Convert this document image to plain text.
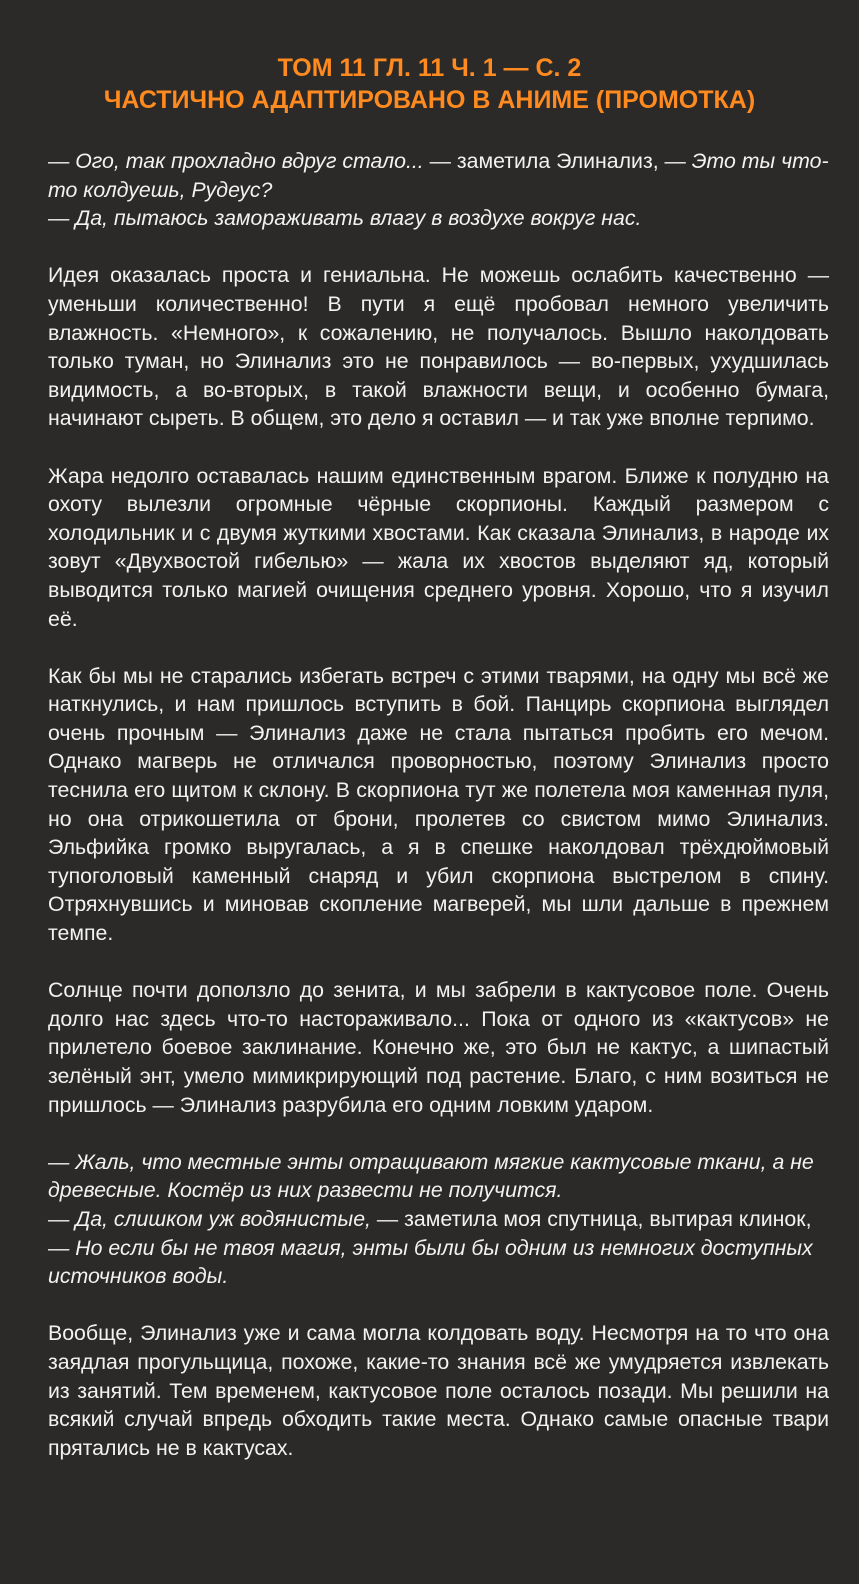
ТОМ 11 ГЛ. 11 Ч. 1 — С. 2

ЧАСТИЧНО АДАПТИРОВАНО В АНИМЕ (ПРОМОТКА)

— Ого, так прохладно вдруг стало... — заметила Элинализ, — Это ты что-то колдуешь, Рудеус?
— Да, пытаюсь замораживать влагу в воздухе вокруг нас.

Идея оказалась проста и гениальна. Не можешь ослабить качественно — уменьши количественно! В пути я ещё пробовал немного увеличить влажность. «Немного», к сожалению, не получалось. Вышло наколдовать только туман, но Элинализ это не понравилось — во-первых, ухудшилась видимость, а во-вторых, в такой влажности вещи, и особенно бумага, начинают сыреть. В общем, это дело я оставил — и так уже вполне терпимо.

Жара недолго оставалась нашим единственным врагом. Ближе к полудню на охоту вылезли огромные чёрные скорпионы. Каждый размером с холодильник и с двумя жуткими хвостами. Как сказала Элинализ, в народе их зовут «Двухвостой гибелью» — жала их хвостов выделяют яд, который выводится только магией очищения среднего уровня. Хорошо, что я изучил её.

Как бы мы не старались избегать встреч с этими тварями, на одну мы всё же наткнулись, и нам пришлось вступить в бой. Панцирь скорпиона выглядел очень прочным — Элинализ даже не стала пытаться пробить его мечом. Однако магверь не отличался проворностью, поэтому Элинализ просто теснила его щитом к склону. В скорпиона тут же полетела моя каменная пуля, но она отрикошетила от брони, пролетев со свистом мимо Элинализ. Эльфийка громко выругалась, а я в спешке наколдовал трёхдюймовый тупоголовый каменный снаряд и убил скорпиона выстрелом в спину. Отряхнувшись и миновав скопление магверей, мы шли дальше в прежнем темпе.

Солнце почти доползло до зенита, и мы забрели в кактусовое поле. Очень долго нас здесь что-то настораживало... Пока от одного из «кактусов» не прилетело боевое заклинание. Конечно же, это был не кактус, а шипастый зелёный энт, умело мимикрирующий под растение. Благо, с ним возиться не пришлось — Элинализ разрубила его одним ловким ударом.

— Жаль, что местные энты отращивают мягкие кактусовые ткани, а не древесные. Костёр из них развести не получится.
— Да, слишком уж водянистые, — заметила моя спутница, вытирая клинок, — Но если бы не твоя магия, энты были бы одним из немногих доступных источников воды.

Вообще, Элинализ уже и сама могла колдовать воду. Несмотря на то что она заядлая прогульщица, похоже, какие-то знания всё же умудряется извлекать из занятий. Тем временем, кактусовое поле осталось позади. Мы решили на всякий случай впредь обходить такие места. Однако самые опасные твари прятались не в кактусах.
